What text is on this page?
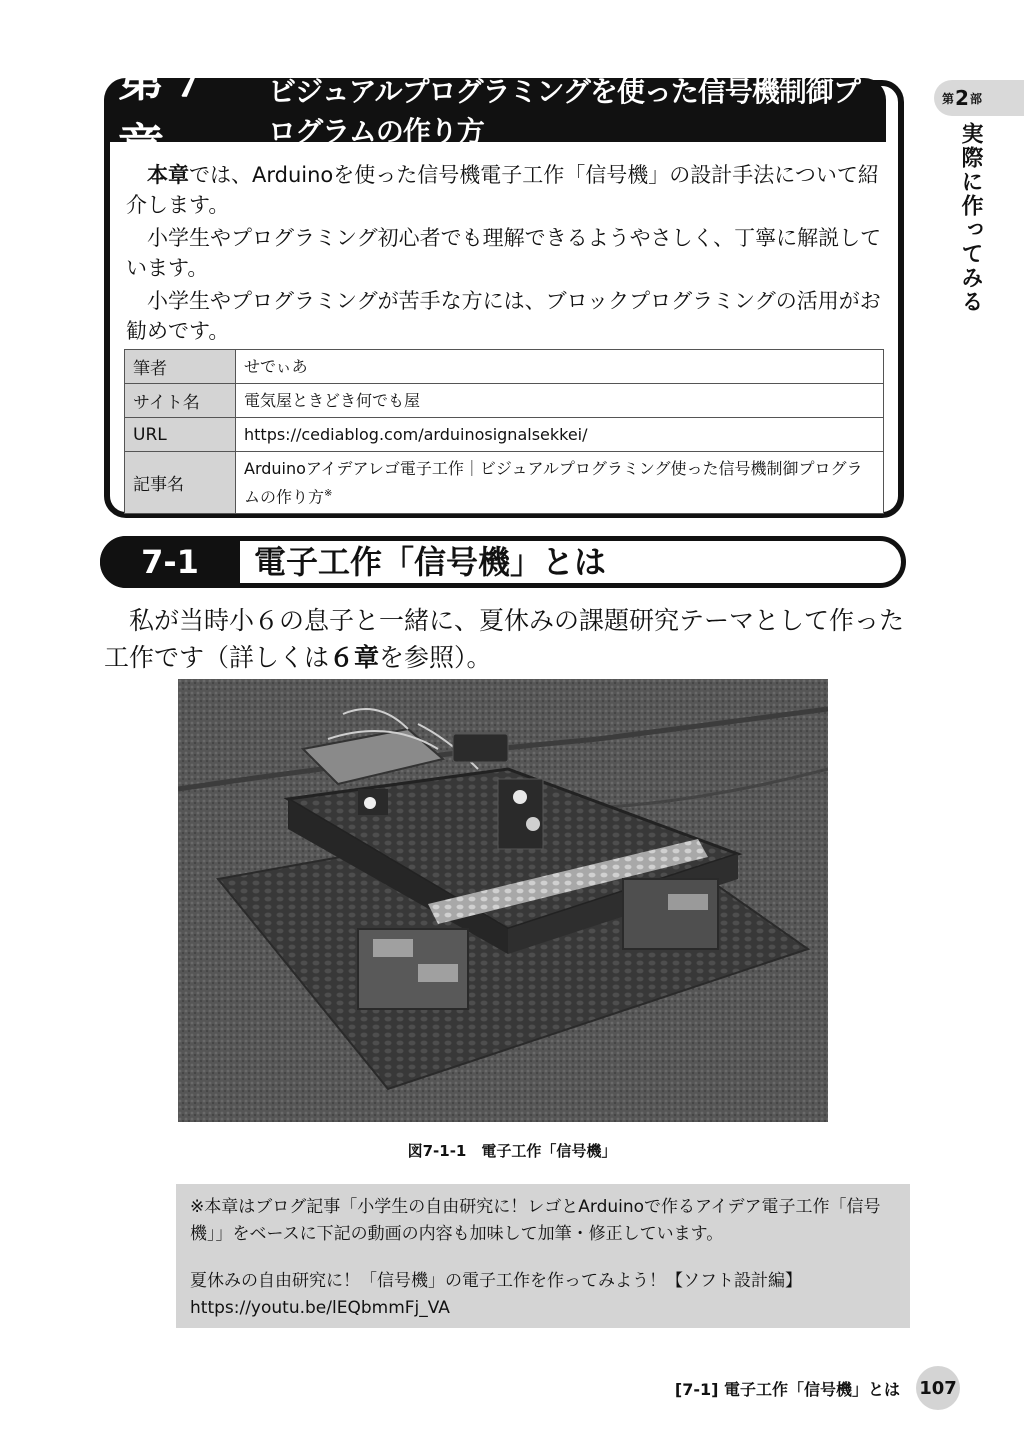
第 2 部
実際に作ってみる
第７章
ビジュアルプログラミングを使った信号機制御プログラムの作り方

本章では、Arduinoを使った信号機電子工作「信号機」の設計手法について紹介します。

小学生やプログラミング初心者でも理解できるようやさしく、丁寧に解説しています。

小学生やプログラミングが苦手な方には、ブロックプログラミングの活用がお勧めです。

筆者	せでぃあ
サイト名	電気屋ときどき何でも屋
URL	https://cediablog.com/arduinosignalsekkei/
記事名	Arduinoアイデアレゴ電子工作｜ビジュアルプログラミング使った信号機制御プログラムの作り方※
7-1	電子工作「信号機」とは

私が当時小６の息子と一緒に、夏休みの課題研究テーマとして作った工作です（詳しくは６章を参照）。

図7-1-1　電子工作「信号機」

※本章はブログ記事「小学生の自由研究に！レゴとArduinoで作るアイデア電子工作「信号機」」をベースに下記の動画の内容も加味して加筆・修正しています。

夏休みの自由研究に！「信号機」の電子工作を作ってみよう！【ソフト設計編】

https://youtu.be/lEQbmmFj_VA

[7-1] 電子工作「信号機」とは 107
